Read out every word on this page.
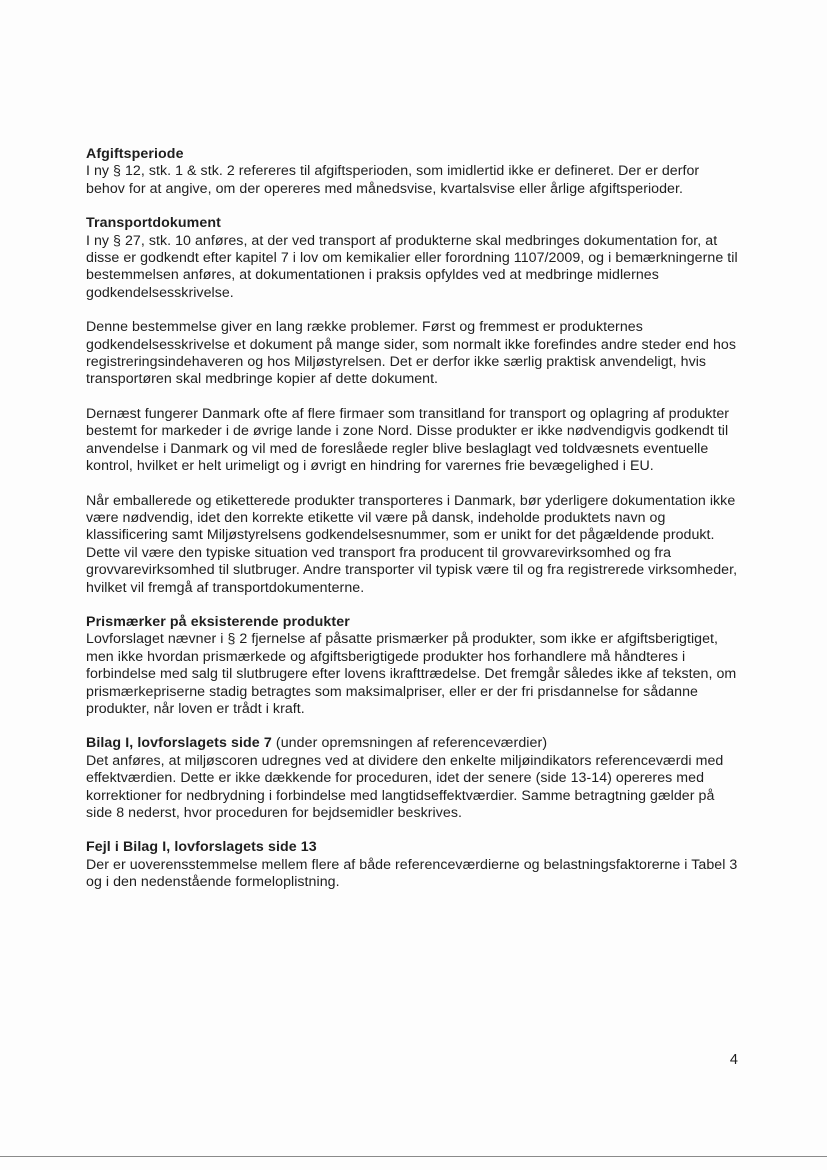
Afgiftsperiode

I ny § 12, stk. 1 & stk. 2 refereres til afgiftsperioden, som imidlertid ikke er defineret. Der er derfor behov for at angive, om der opereres med månedsvise, kvartalsvise eller årlige afgiftsperioder.

Transportdokument

I ny § 27, stk. 10 anføres, at der ved transport af produkterne skal medbringes dokumentation for, at disse er godkendt efter kapitel 7 i lov om kemikalier eller forordning 1107/2009, og i bemærkningerne til bestemmelsen anføres, at dokumentationen i praksis opfyldes ved at medbringe midlernes godkendelsesskrivelse.

Denne bestemmelse giver en lang række problemer. Først og fremmest er produkternes godkendelsesskrivelse et dokument på mange sider, som normalt ikke forefindes andre steder end hos registreringsindehaveren og hos Miljøstyrelsen. Det er derfor ikke særlig praktisk anvendeligt, hvis transportøren skal medbringe kopier af dette dokument.

Dernæst fungerer Danmark ofte af flere firmaer som transitland for transport og oplagring af produkter bestemt for markeder i de øvrige lande i zone Nord. Disse produkter er ikke nødvendigvis godkendt til anvendelse i Danmark og vil med de foreslåede regler blive beslaglagt ved toldvæsnets eventuelle kontrol, hvilket er helt urimeligt og i øvrigt en hindring for varernes frie bevægelighed i EU.

Når emballerede og etiketterede produkter transporteres i Danmark, bør yderligere dokumentation ikke være nødvendig, idet den korrekte etikette vil være på dansk, indeholde produktets navn og klassificering samt Miljøstyrelsens godkendelsesnummer, som er unikt for det pågældende produkt. Dette vil være den typiske situation ved transport fra producent til grovvarevirksomhed og fra grovvarevirksomhed til slutbruger. Andre transporter vil typisk være til og fra registrerede virksomheder, hvilket vil fremgå af transportdokumenterne.

Prismærker på eksisterende produkter

Lovforslaget nævner i § 2 fjernelse af påsatte prismærker på produkter, som ikke er afgiftsberigtiget, men ikke hvordan prismærkede og afgiftsberigtigede produkter hos forhandlere må håndteres i forbindelse med salg til slutbrugere efter lovens ikrafttrædelse. Det fremgår således ikke af teksten, om prismærkepriserne stadig betragtes som maksimalpriser, eller er der fri prisdannelse for sådanne produkter, når loven er trådt i kraft.

Bilag I, lovforslagets side 7 (under opremsningen af referenceværdier)

Det anføres, at miljøscoren udregnes ved at dividere den enkelte miljøindikators referenceværdi med effektværdien. Dette er ikke dækkende for proceduren, idet der senere (side 13-14) opereres med korrektioner for nedbrydning i forbindelse med langtidseffektværdier. Samme betragtning gælder på side 8 nederst, hvor proceduren for bejdsemidler beskrives.

Fejl i Bilag I, lovforslagets side 13

Der er uoverensstemmelse mellem flere af både referenceværdierne og belastningsfaktorerne i Tabel 3 og i den nedenstående formeloplistning.

4
